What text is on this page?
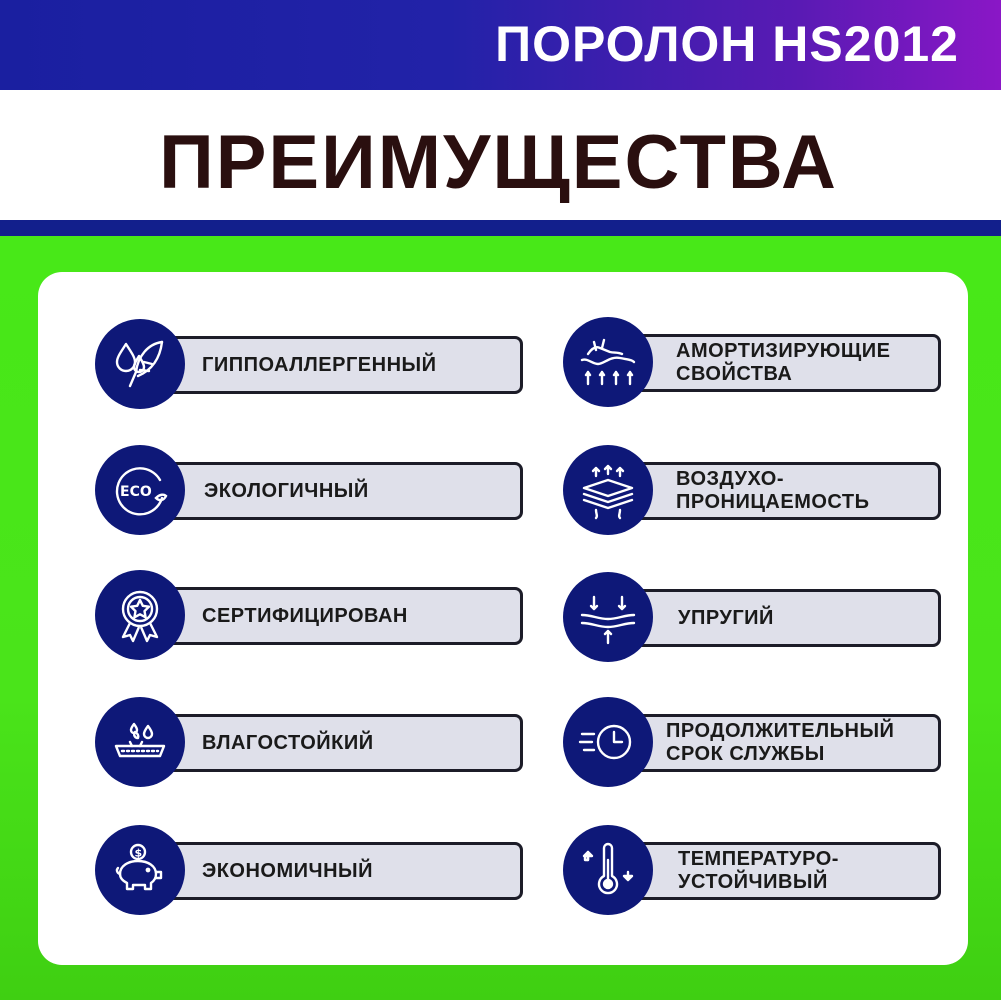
ПОРОЛОН HS2012
ПРЕИМУЩЕСТВА
ГИППОАЛЛЕРГЕННЫЙ
ЭКОЛОГИЧНЫЙ
ECO
СЕРТИФИЦИРОВАН
ВЛАГОСТОЙКИЙ
ЭКОНОМИЧНЫЙ
$
АМОРТИЗИРУЮЩИЕ
СВОЙСТВА
ВОЗДУХО-
ПРОНИЦАЕМОСТЬ
УПРУГИЙ
ПРОДОЛЖИТЕЛЬНЫЙ
СРОК СЛУЖБЫ
ТЕМПЕРАТУРО-
УСТОЙЧИВЫЙ
